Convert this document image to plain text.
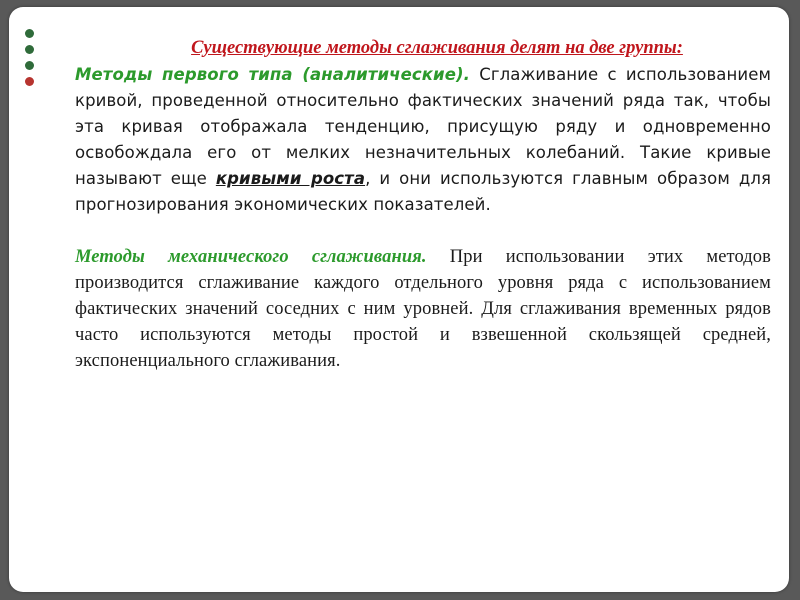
Существующие методы сглаживания делят на две группы:

Методы первого типа (аналитические). Сглаживание с использованием кривой, проведенной относительно фактических значений ряда так, чтобы эта кривая отображала тенденцию, присущую ряду и одновременно освобождала его от мелких незначительных колебаний. Такие кривые называют еще кривыми роста, и они используются главным образом для прогнозирования экономических показателей.

Методы механического сглаживания. При использовании этих методов производится сглаживание каждого отдельного уровня ряда с использованием фактических значений соседних с ним уровней. Для сглаживания временных рядов часто используются методы простой и взвешенной скользящей средней, экспоненциального сглаживания.
